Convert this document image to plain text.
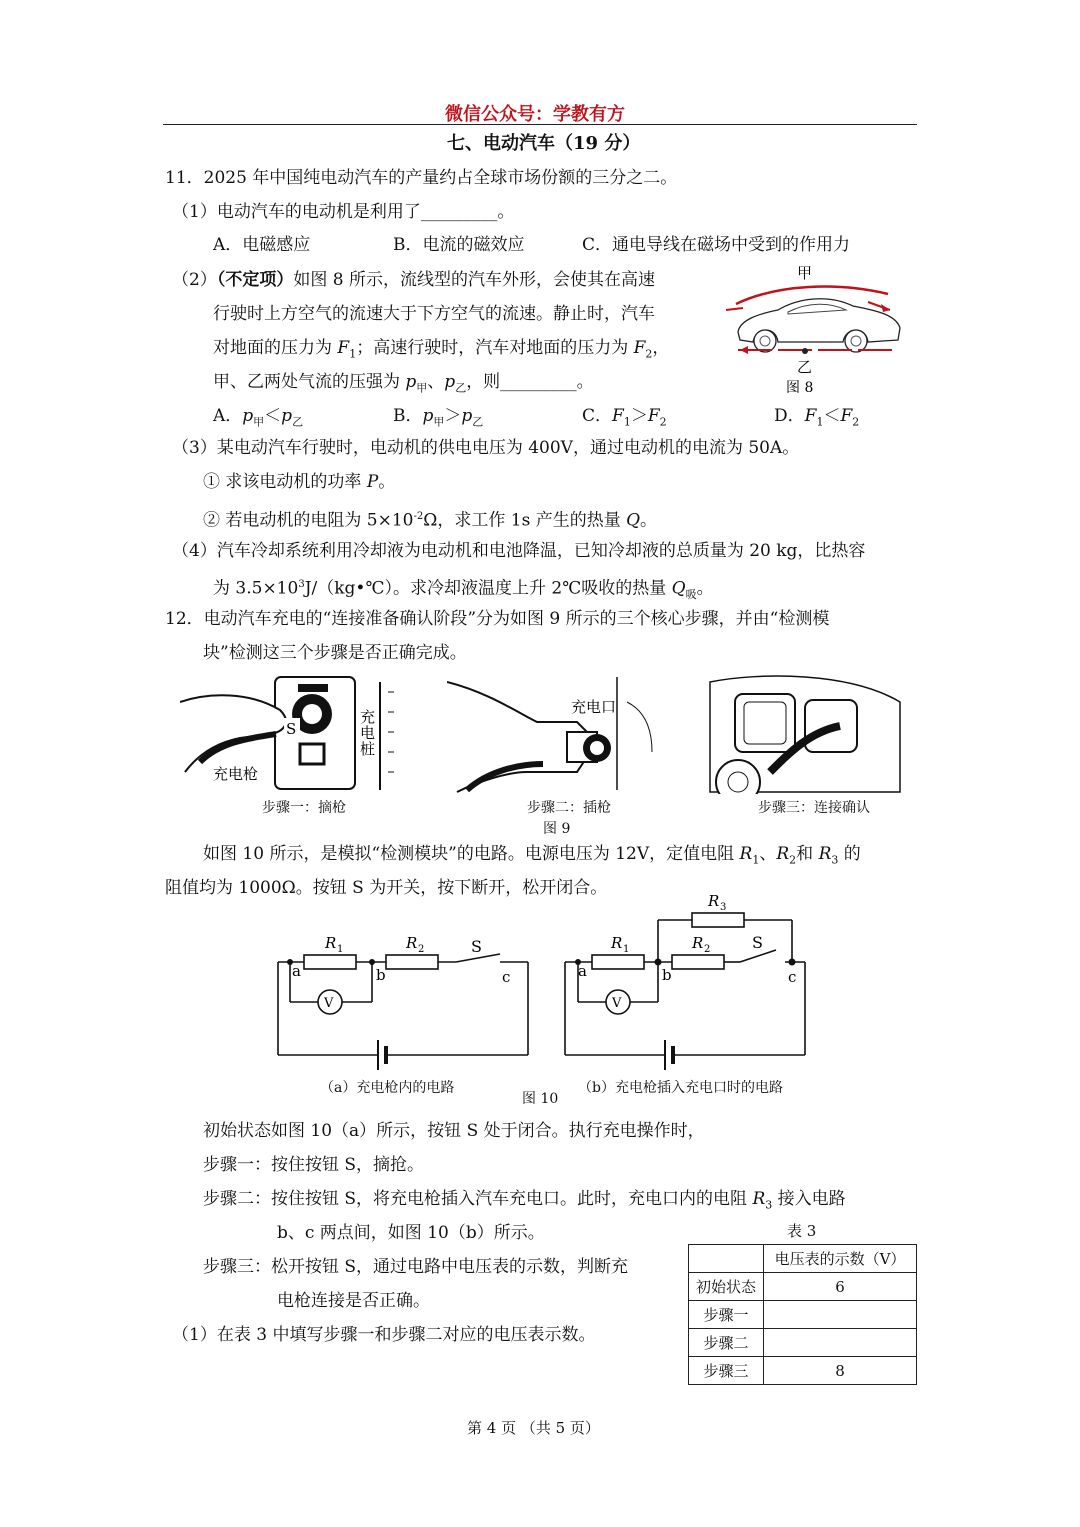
微信公众号：学教有方
七、电动汽车（19 分）
11．2025 年中国纯电动汽车的产量约占全球市场份额的三分之二。
（1）电动汽车的电动机是利用了_________。
A．电磁感应	B．电流的磁效应	C．通电导线在磁场中受到的作用力
（2）（不定项）如图 8 所示，流线型的汽车外形，会使其在高速
行驶时上方空气的流速大于下方空气的流速。静止时，汽车
对地面的压力为 $F_1$；高速行驶时，汽车对地面的压力为 $F_2$，
甲、乙两处气流的压强为 $p_甲$、$p_乙$，则_________。
A．$p_甲<p_乙$	B．$p_甲>p_乙$	C．$F_1>F_2$	D．$F_1<F_2$
甲
乙
图 8
（3）某电动汽车行驶时，电动机的供电电压为 400V，通过电动机的电流为 50A。
① 求该电动机的功率 P。
② 若电动机的电阻为 $5\times 10^{-2}\Omega$，求工作 1s 产生的热量 Q。
（4）汽车冷却系统利用冷却液为电动机和电池降温，已知冷却液的总质量为 20 kg，比热容
为 $3.5\times 10^3J/(kg•℃)$。求冷却液温度上升 2℃吸收的热量 $Q_吸$。
12．电动汽车充电的“连接准备确认阶段”分为如图 9 所示的三个核心步骤，并由“检测模
块”检测这三个步骤是否正确完成。
S
充
电
桩
充电枪
充电口
步骤一：摘枪	步骤二：插枪	步骤三：连接确认
图 9
如图 10 所示，是模拟“检测模块”的电路。电源电压为 12V，定值电阻 $R_1$、$R_2$和 $R_3$ 的
阻值均为 1000Ω。按钮 S 为开关，按下断开，松开闭合。
R 1	R 2	S
a	b	c
V
R 1	R 2
R 3
S
a	b	c
V
（a）充电枪内的电路
图 10
（b）充电枪插入充电口时的电路
初始状态如图 10（a）所示，按钮 S 处于闭合。执行充电操作时，
步骤一：按住按钮 S，摘抢。
步骤二：按住按钮 S，将充电枪插入汽车充电口。此时，充电口内的电阻 $R_3$ 接入电路
b、c 两点间，如图 10（b）所示。
步骤三：松开按钮 S，通过电路中电压表的示数，判断充
电枪连接是否正确。
（1）在表 3 中填写步骤一和步骤二对应的电压表示数。
表 3
	电压表的示数（V）
初始状态	6
步骤一	
步骤二	
步骤三	8
第 4 页 （共 5 页）
